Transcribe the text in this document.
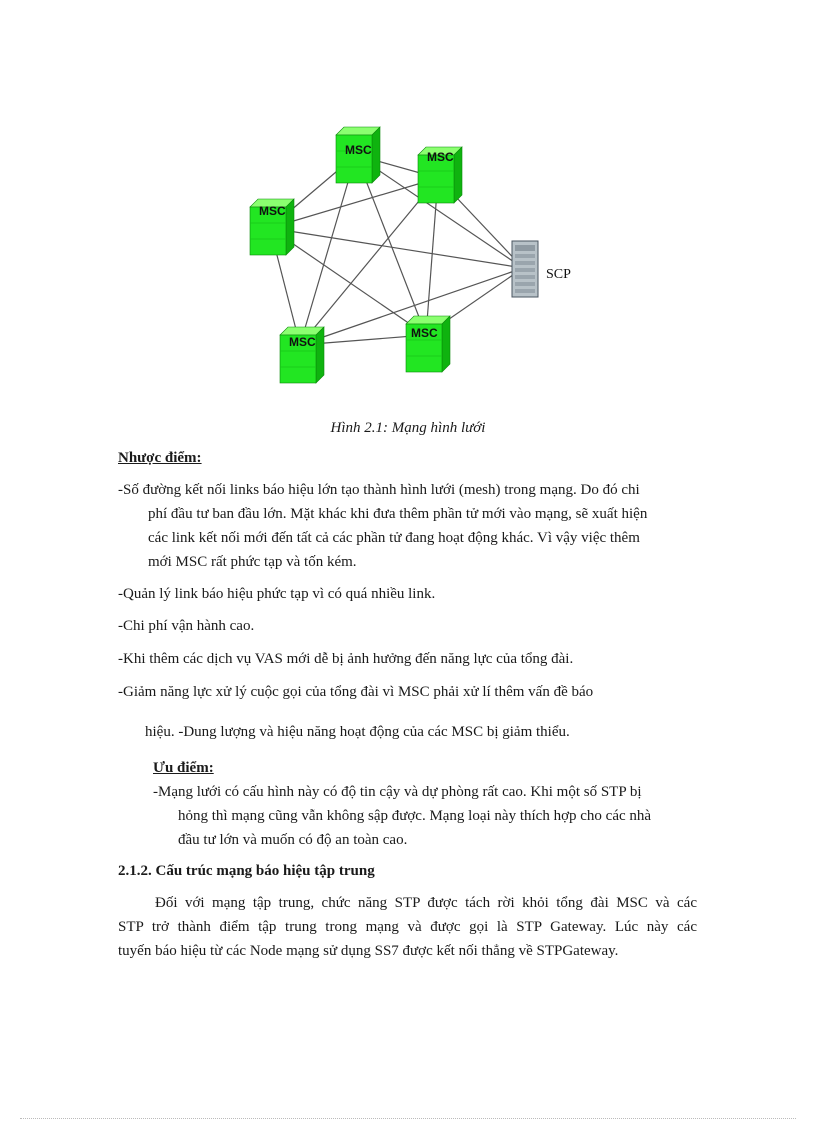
MSC	MSC
MSC
MSC
MSC
SCP
Hình 2.1: Mạng hình lưới
Nhược điểm:
-Số đường kết nối links báo hiệu lớn tạo thành hình lưới (mesh) trong mạng. Do đó chi
phí đầu tư ban đầu lớn. Mặt khác khi đưa thêm phần tử mới vào mạng, sẽ xuất hiện
các link kết nối mới đến tất cả các phần tử đang hoạt động khác. Vì vậy việc thêm
mới MSC rất phức tạp và tốn kém.
-Quản lý link báo hiệu phức tạp vì có quá nhiều link.
-Chi phí vận hành cao.
-Khi thêm các dịch vụ VAS mới dễ bị ảnh hưởng đến năng lực của tổng đài.
-Giảm năng lực xử lý cuộc gọi của tổng đài vì MSC phải xử lí thêm vấn đề báo
hiệu. -Dung lượng và hiệu năng hoạt động của các MSC bị giảm thiểu.
Ưu điểm:
-Mạng lưới có cấu hình này có độ tin cậy và dự phòng rất cao. Khi một số STP bị
hỏng thì mạng cũng vẫn không sập được. Mạng loại này thích hợp cho các nhà
đầu tư lớn và muốn có độ an toàn cao.
2.1.2. Cấu trúc mạng báo hiệu tập trung
Đối với mạng tập trung, chức năng STP được tách rời khỏi tổng đài MSC và các
STP trở thành điểm tập trung trong mạng và được gọi là STP Gateway. Lúc này các
tuyến báo hiệu từ các Node mạng sử dụng SS7 được kết nối thẳng về STPGateway.
